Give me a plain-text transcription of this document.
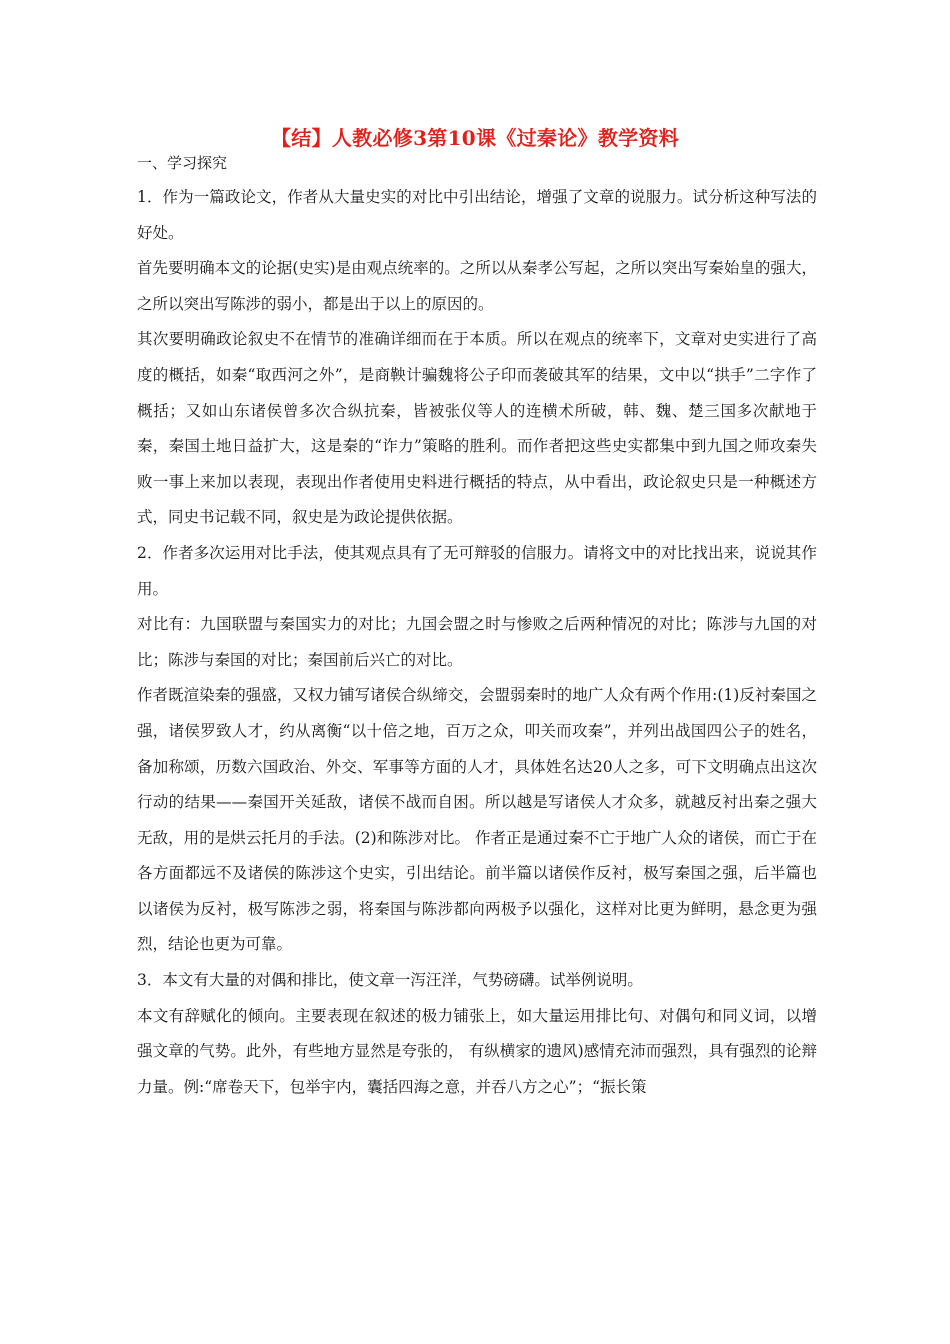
【结】人教必修3第10课《过秦论》教学资料
一、学习探究

1．作为一篇政论文，作者从大量史实的对比中引出结论，增强了文章的说服力。试分析这种写法的好处。

首先要明确本文的论据(史实)是由观点统率的。之所以从秦孝公写起，之所以突出写秦始皇的强大，之所以突出写陈涉的弱小，都是出于以上的原因的。

其次要明确政论叙史不在情节的准确详细而在于本质。所以在观点的统率下，文章对史实进行了高度的概括，如秦“取西河之外”，是商鞅计骗魏将公子印而袭破其军的结果，文中以“拱手”二字作了概括；又如山东诸侯曾多次合纵抗秦，皆被张仪等人的连横术所破，韩、魏、楚三国多次献地于秦，秦国土地日益扩大，这是秦的“诈力”策略的胜利。而作者把这些史实都集中到九国之师攻秦失败一事上来加以表现，表现出作者使用史料进行概括的特点，从中看出，政论叙史只是一种概述方式，同史书记载不同，叙史是为政论提供依据。

2．作者多次运用对比手法，使其观点具有了无可辩驳的信服力。请将文中的对比找出来，说说其作用。

对比有：九国联盟与秦国实力的对比；九国会盟之时与惨败之后两种情况的对比；陈涉与九国的对比；陈涉与秦国的对比；秦国前后兴亡的对比。

作者既渲染秦的强盛，又权力铺写诸侯合纵缔交，会盟弱秦时的地广人众有两个作用:(1)反衬秦国之强，诸侯罗致人才，约从离衡“以十倍之地，百万之众，叩关而攻秦”，并列出战国四公子的姓名，备加称颂，历数六国政治、外交、军事等方面的人才，具体姓名达20人之多，可下文明确点出这次行动的结果——秦国开关延敌，诸侯不战而自困。所以越是写诸侯人才众多，就越反衬出秦之强大无敌，用的是烘云托月的手法。(2)和陈涉对比。 作者正是通过秦不亡于地广人众的诸侯，而亡于在各方面都远不及诸侯的陈涉这个史实，引出结论。前半篇以诸侯作反衬，极写秦国之强，后半篇也以诸侯为反衬，极写陈涉之弱，将秦国与陈涉都向两极予以强化，这样对比更为鲜明，悬念更为强烈，结论也更为可靠。

3．本文有大量的对偶和排比，使文章一泻汪洋，气势磅礴。试举例说明。

本文有辞赋化的倾向。主要表现在叙述的极力铺张上，如大量运用排比句、对偶句和同义词，以增强文章的气势。此外，有些地方显然是夸张的， 有纵横家的遗风)感情充沛而强烈，具有强烈的论辩力量。例:“席卷天下，包举宇内，囊括四海之意，并吞八方之心”；“振长策
